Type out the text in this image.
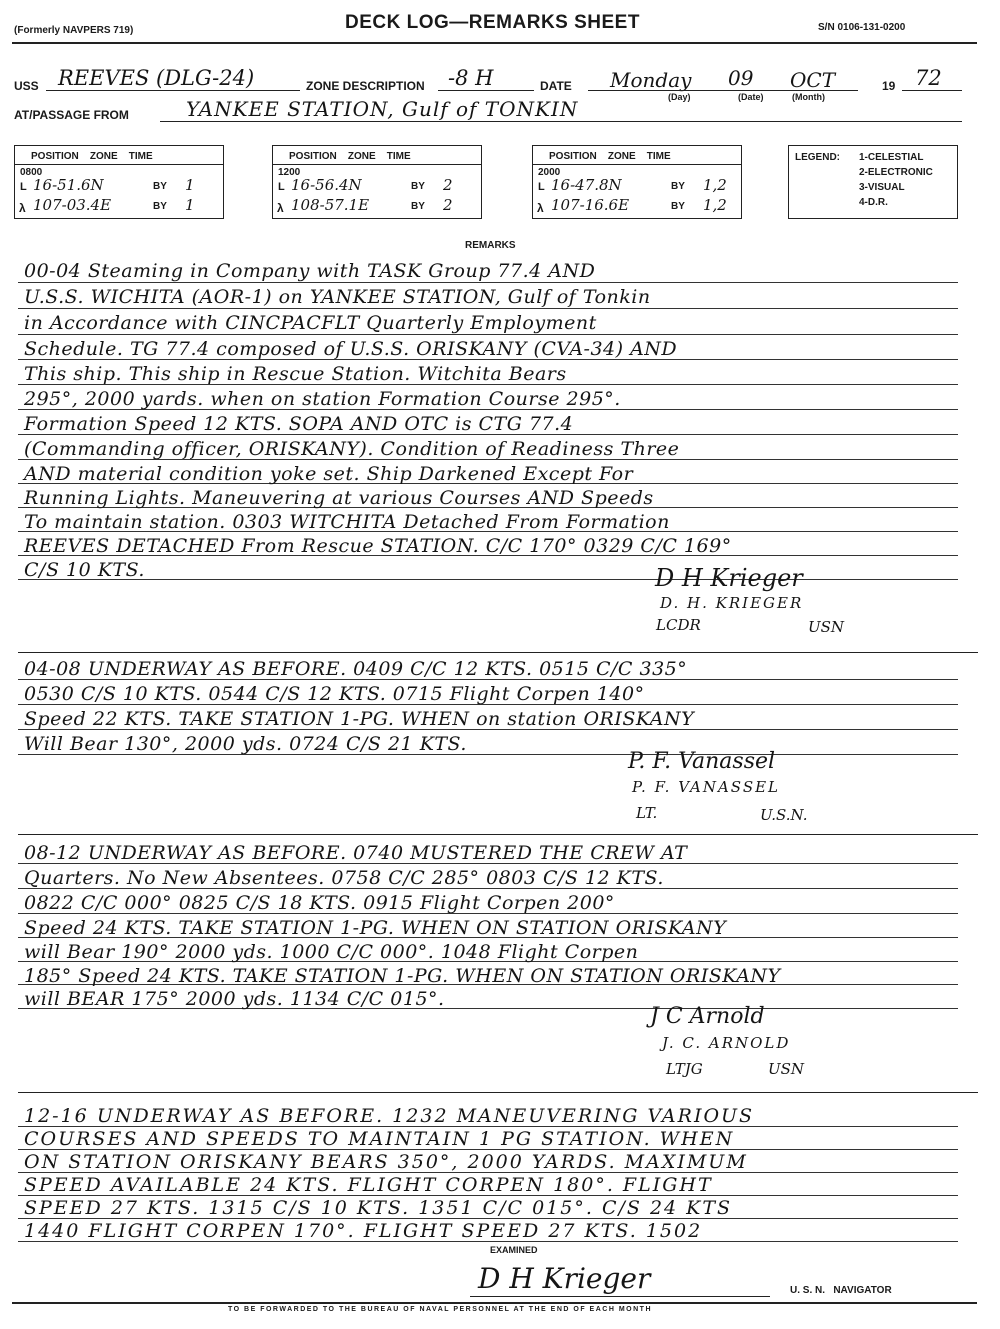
(Formerly NAVPERS 719)	DECK LOG—REMARKS SHEET	S/N 0106-131-0200
USS REEVES (DLG-24)	ZONE DESCRIPTION -8 H	DATE Monday 09 OCT
(Day)	(Date)	(Month)
19 72
AT/PASSAGE FROM	YANKEE STATION, Gulf of TONKIN
POSITION    ZONE    TIME
0800
L 16-51.6N	BY 1
λ 107-03.4E	BY 1
POSITION    ZONE    TIME
1200
L 16-56.4N	BY 2
λ 108-57.1E	BY 2
POSITION    ZONE    TIME
2000
L 16-47.8N	BY 1,2
λ 107-16.6E	BY 1,2
LEGEND: 1-CELESTIAL
2-ELECTRONIC
3-VISUAL
4-D.R.
REMARKS
00-04 Steaming in Company with TASK Group 77.4 AND
U.S.S. WICHITA (AOR-1) on YANKEE STATION, Gulf of Tonkin
in Accordance with CINCPACFLT Quarterly Employment
Schedule. TG 77.4 composed of U.S.S. ORISKANY (CVA-34) AND
This ship. This ship in Rescue Station. Witchita Bears
295°, 2000 yards. when on station Formation Course 295°.
Formation Speed 12 KTS. SOPA AND OTC is CTG 77.4
(Commanding officer, ORISKANY). Condition of Readiness Three
AND material condition yoke set. Ship Darkened Except For
Running Lights. Maneuvering at various Courses AND Speeds
To maintain station. 0303 WITCHITA Detached From Formation
REEVES DETACHED From Rescue STATION. C/C 170° 0329 C/C 169°
C/S 10 KTS.	D H Krieger
D. H. KRIEGER
LCDR	USN
04-08 UNDERWAY AS BEFORE. 0409 C/C 12 KTS. 0515 C/C 335°
0530 C/S 10 KTS. 0544 C/S 12 KTS. 0715 Flight Corpen 140°
Speed 22 KTS. TAKE STATION 1-PG. WHEN on station ORISKANY
Will Bear 130°, 2000 yds. 0724 C/S 21 KTS.
P. F. Vanassel
P. F. VANASSEL
LT.	U.S.N.
08-12 UNDERWAY AS BEFORE. 0740 MUSTERED THE CREW AT
Quarters. No New Absentees. 0758 C/C 285° 0803 C/S 12 KTS.
0822 C/C 000° 0825 C/S 18 KTS. 0915 Flight Corpen 200°
Speed 24 KTS. TAKE STATION 1-PG. WHEN ON STATION ORISKANY
will Bear 190° 2000 yds. 1000 C/C 000°. 1048 Flight Corpen
185° Speed 24 KTS. TAKE STATION 1-PG. WHEN ON STATION ORISKANY
will BEAR 175° 2000 yds. 1134 C/C 015°.
J C Arnold
J. C. ARNOLD
LTJG	USN
12-16 UNDERWAY AS BEFORE. 1232 MANEUVERING VARIOUS
COURSES AND SPEEDS TO MAINTAIN 1 PG STATION. WHEN
ON STATION ORISKANY BEARS 350°, 2000 YARDS. MAXIMUM
SPEED AVAILABLE 24 KTS. FLIGHT CORPEN 180°. FLIGHT
SPEED 27 KTS. 1315 C/S 10 KTS. 1351 C/C 015°. C/S 24 KTS
1440 FLIGHT CORPEN 170°. FLIGHT SPEED 27 KTS. 1502
EXAMINED
D H Krieger	U. S. N.   NAVIGATOR
TO BE FORWARDED TO THE BUREAU OF NAVAL PERSONNEL AT THE END OF EACH MONTH
